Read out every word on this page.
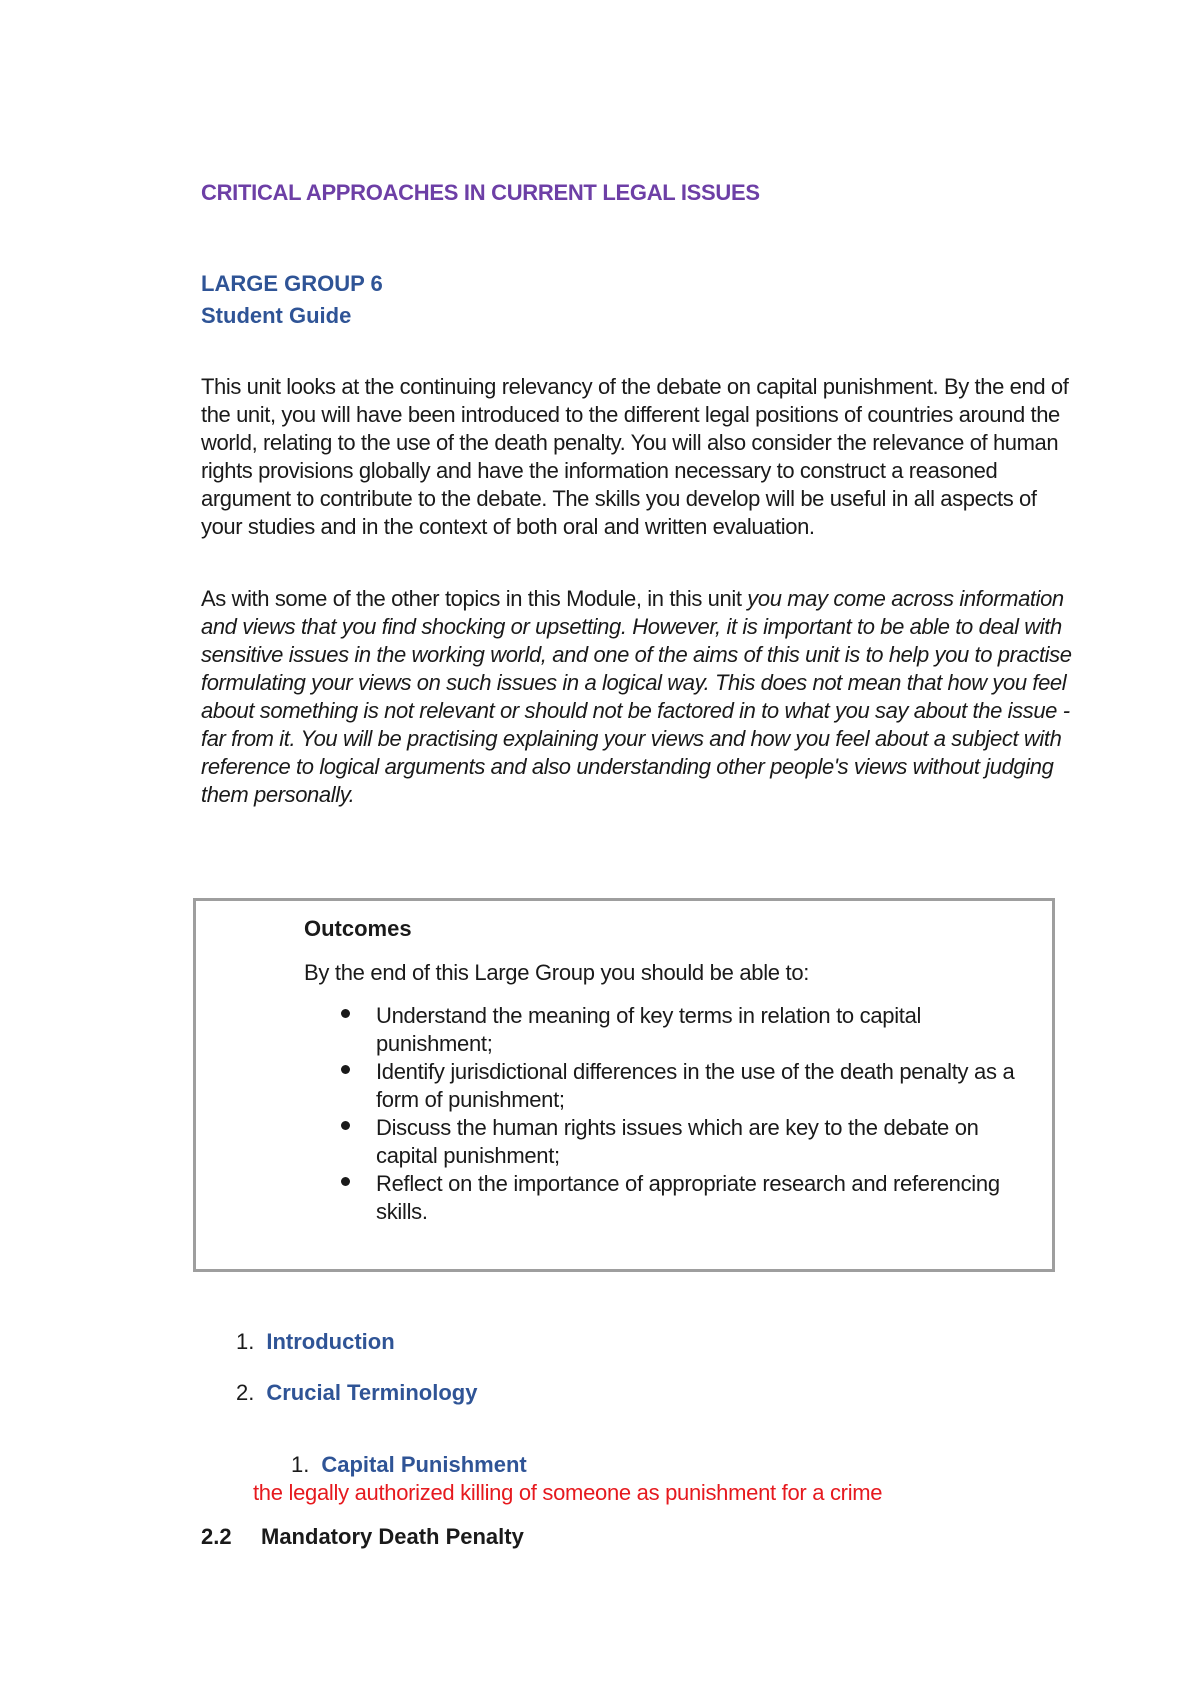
CRITICAL APPROACHES IN CURRENT LEGAL ISSUES
LARGE GROUP 6
Student Guide
This unit looks at the continuing relevancy of the debate on capital punishment. By the end of the unit, you will have been introduced to the different legal positions of countries around the world, relating to the use of the death penalty. You will also consider the relevance of human rights provisions globally and have the information necessary to construct a reasoned argument to contribute to the debate. The skills you develop will be useful in all aspects of your studies and in the context of both oral and written evaluation.
As with some of the other topics in this Module, in this unit you may come across information and views that you find shocking or upsetting. However, it is important to be able to deal with sensitive issues in the working world, and one of the aims of this unit is to help you to practise formulating your views on such issues in a logical way. This does not mean that how you feel about something is not relevant or should not be factored in to what you say about the issue - far from it. You will be practising explaining your views and how you feel about a subject with reference to logical arguments and also understanding other people's views without judging them personally.
Outcomes
By the end of this Large Group you should be able to:
Understand the meaning of key terms in relation to capital punishment;
Identify jurisdictional differences in the use of the death penalty as a form of punishment;
Discuss the human rights issues which are key to the debate on capital punishment;
Reflect on the importance of appropriate research and referencing skills.
1. Introduction
2. Crucial Terminology
1. Capital Punishment
the legally authorized killing of someone as punishment for a crime
2.2 Mandatory Death Penalty
